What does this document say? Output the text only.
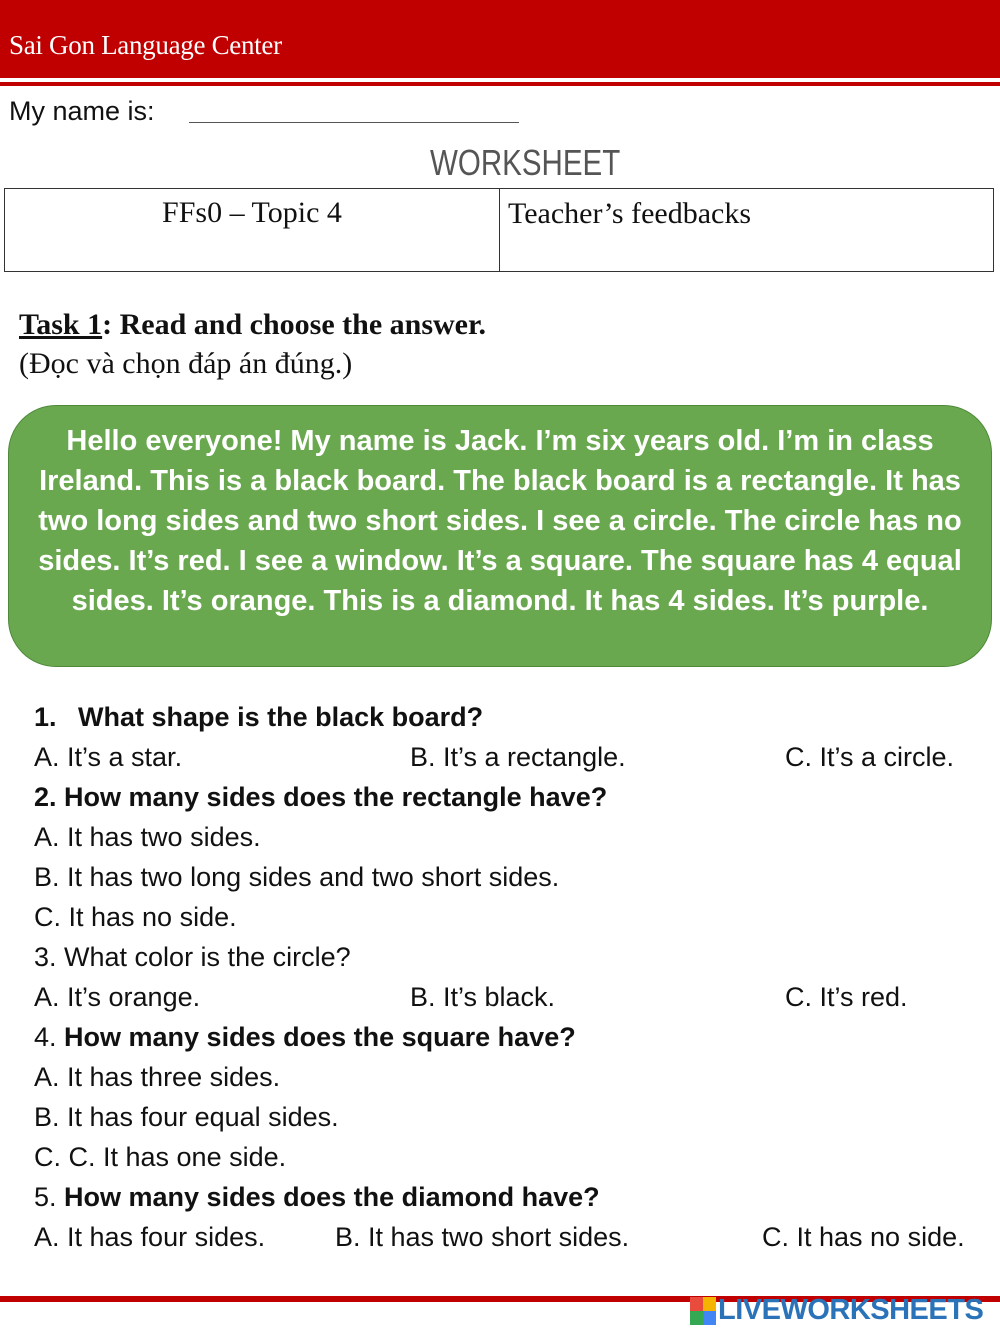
Sai Gon Language Center
My name is:
WORKSHEET
FFs0 – Topic 4	Teacher’s feedbacks
Task 1: Read and choose the answer.
(Đọc và chọn đáp án đúng.)
Hello everyone! My name is Jack. I’m six years old. I’m in class Ireland. This is a black board. The black board is a rectangle. It has two long sides and two short sides. I see a circle. The circle has no sides. It’s red. I see a window. It’s a square. The square has 4 equal sides. It’s orange. This is a diamond. It has 4 sides. It’s purple.
1. What shape is the black board?
A. It’s a star.	B. It’s a rectangle.	C. It’s a circle.
2. How many sides does the rectangle have?
A. It has two sides.
B. It has two long sides and two short sides.
C. It has no side.
3. What color is the circle?
A. It’s orange.	B. It’s black.	C. It’s red.
4. How many sides does the square have?
A. It has three sides.
B. It has four equal sides.
C. C. It has one side.
5. How many sides does the diamond have?
A. It has four sides.	B. It has two short sides.	C. It has no side.
LIVEWORKSHEETS
